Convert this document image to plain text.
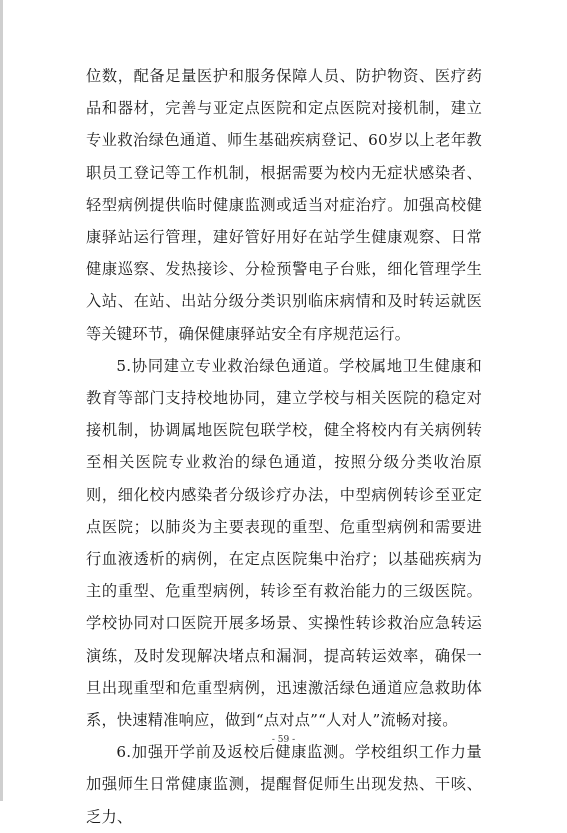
位数，配备足量医护和服务保障人员、防护物资、医疗药品和器材，完善与亚定点医院和定点医院对接机制，建立专业救治绿色通道、师生基础疾病登记、60岁以上老年教职员工登记等工作机制，根据需要为校内无症状感染者、轻型病例提供临时健康监测或适当对症治疗。加强高校健康驿站运行管理，建好管好用好在站学生健康观察、日常健康巡察、发热接诊、分检预警电子台账，细化管理学生入站、在站、出站分级分类识别临床病情和及时转运就医等关键环节，确保健康驿站安全有序规范运行。

5.协同建立专业救治绿色通道。学校属地卫生健康和教育等部门支持校地协同，建立学校与相关医院的稳定对接机制，协调属地医院包联学校，健全将校内有关病例转至相关医院专业救治的绿色通道，按照分级分类收治原则，细化校内感染者分级诊疗办法，中型病例转诊至亚定点医院；以肺炎为主要表现的重型、危重型病例和需要进行血液透析的病例，在定点医院集中治疗；以基础疾病为主的重型、危重型病例，转诊至有救治能力的三级医院。学校协同对口医院开展多场景、实操性转诊救治应急转运演练，及时发现解决堵点和漏洞，提高转运效率，确保一旦出现重型和危重型病例，迅速激活绿色通道应急救助体系，快速精准响应，做到“点对点”“人对人”流畅对接。

6.加强开学前及返校后健康监测。学校组织工作力量加强师生日常健康监测，提醒督促师生出现发热、干咳、乏力、

- 59 -
